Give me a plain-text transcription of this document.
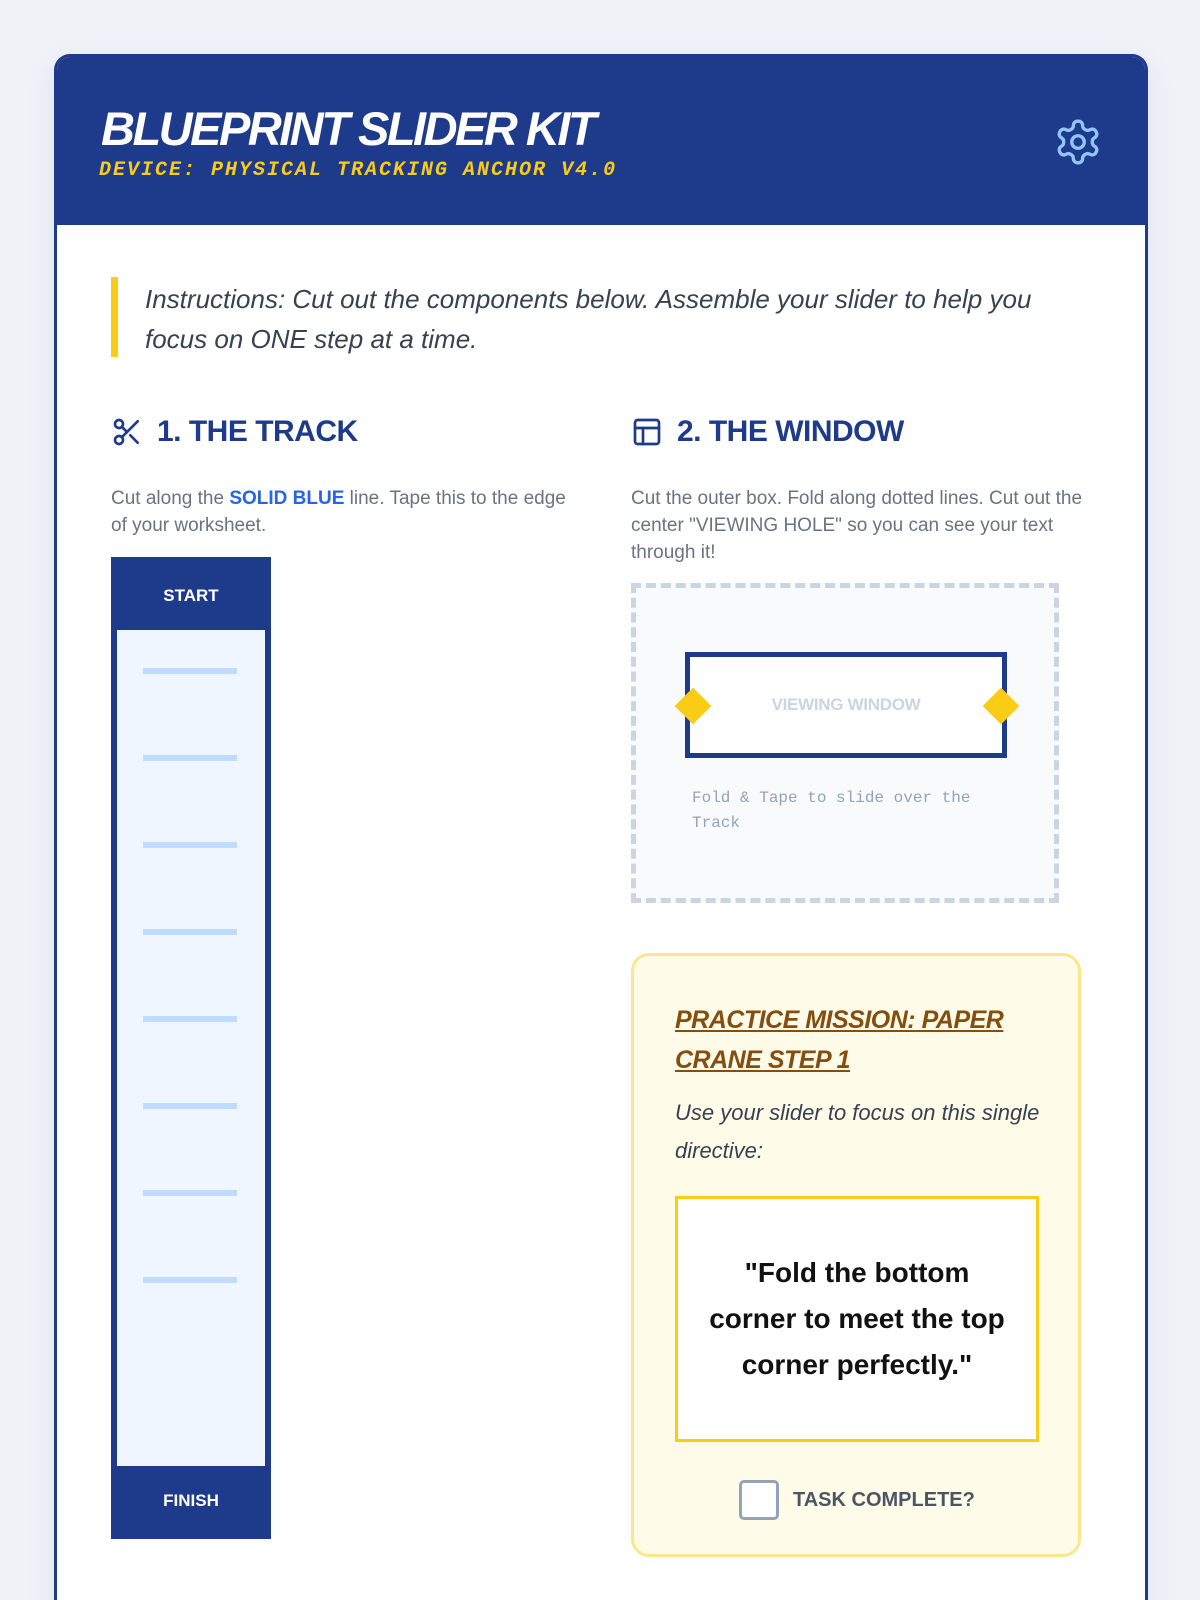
BLUEPRINT SLIDER KIT
DEVICE: PHYSICAL TRACKING ANCHOR V4.0
Instructions: Cut out the components below. Assemble your slider to help you focus on ONE step at a time.
1. THE TRACK
Cut along the SOLID BLUE line. Tape this to the edge of your worksheet.
START
FINISH
2. THE WINDOW
Cut the outer box. Fold along dotted lines. Cut out the center "VIEWING HOLE" so you can see your text through it!
VIEWING WINDOW
Fold & Tape to slide over the Track
PRACTICE MISSION: PAPER CRANE STEP 1
Use your slider to focus on this single directive:
"Fold the bottom corner to meet the top corner perfectly."
TASK COMPLETE?
